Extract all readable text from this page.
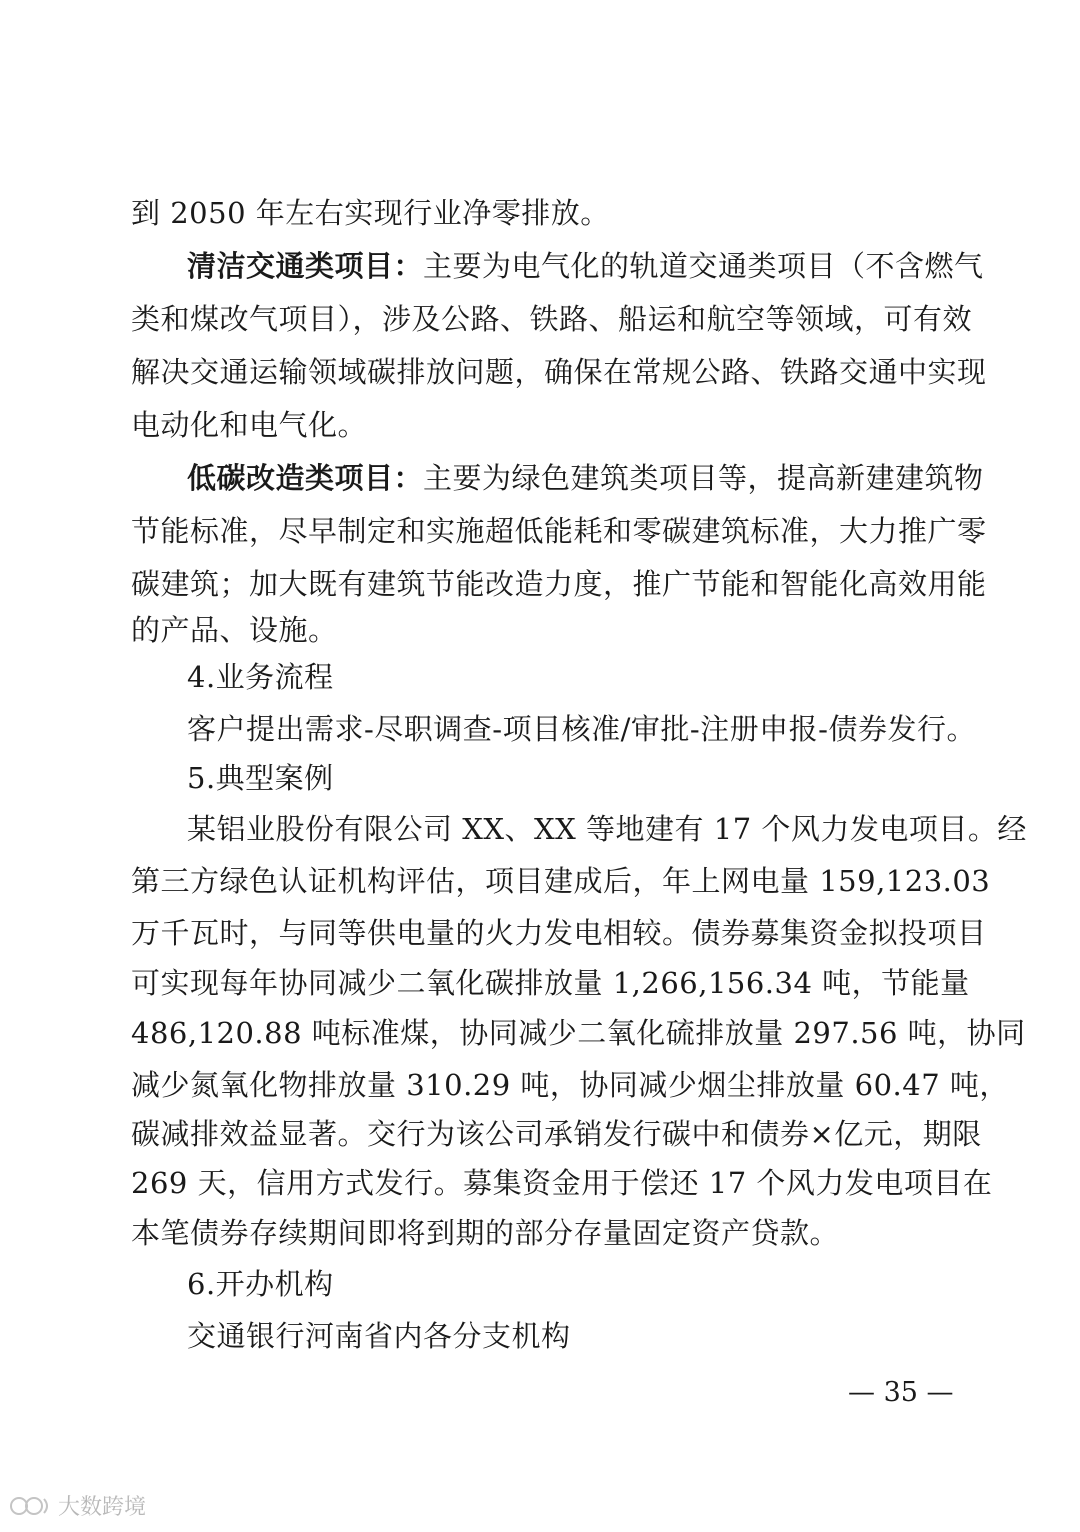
到 2050 年左右实现行业净零排放。
清洁交通类项目：主要为电气化的轨道交通类项目（不含燃气
类和煤改气项目），涉及公路、铁路、船运和航空等领域，可有效
解决交通运输领域碳排放问题，确保在常规公路、铁路交通中实现
电动化和电气化。
低碳改造类项目：主要为绿色建筑类项目等，提高新建建筑物
节能标准，尽早制定和实施超低能耗和零碳建筑标准，大力推广零
碳建筑；加大既有建筑节能改造力度，推广节能和智能化高效用能
的产品、设施。
4.业务流程
客户提出需求-尽职调查-项目核准/审批-注册申报-债券发行。
5.典型案例
某铝业股份有限公司 XX、XX 等地建有 17 个风力发电项目。经
第三方绿色认证机构评估，项目建成后，年上网电量 159,123.03
万千瓦时，与同等供电量的火力发电相较。债券募集资金拟投项目
可实现每年协同减少二氧化碳排放量 1,266,156.34 吨，节能量
486,120.88 吨标准煤，协同减少二氧化硫排放量 297.56 吨，协同
减少氮氧化物排放量 310.29 吨，协同减少烟尘排放量 60.47 吨，
碳减排效益显著。交行为该公司承销发行碳中和债券×亿元，期限
269 天，信用方式发行。募集资金用于偿还 17 个风力发电项目在
本笔债券存续期间即将到期的部分存量固定资产贷款。
6.开办机构
交通银行河南省内各分支机构
— 35 —
大数跨境
